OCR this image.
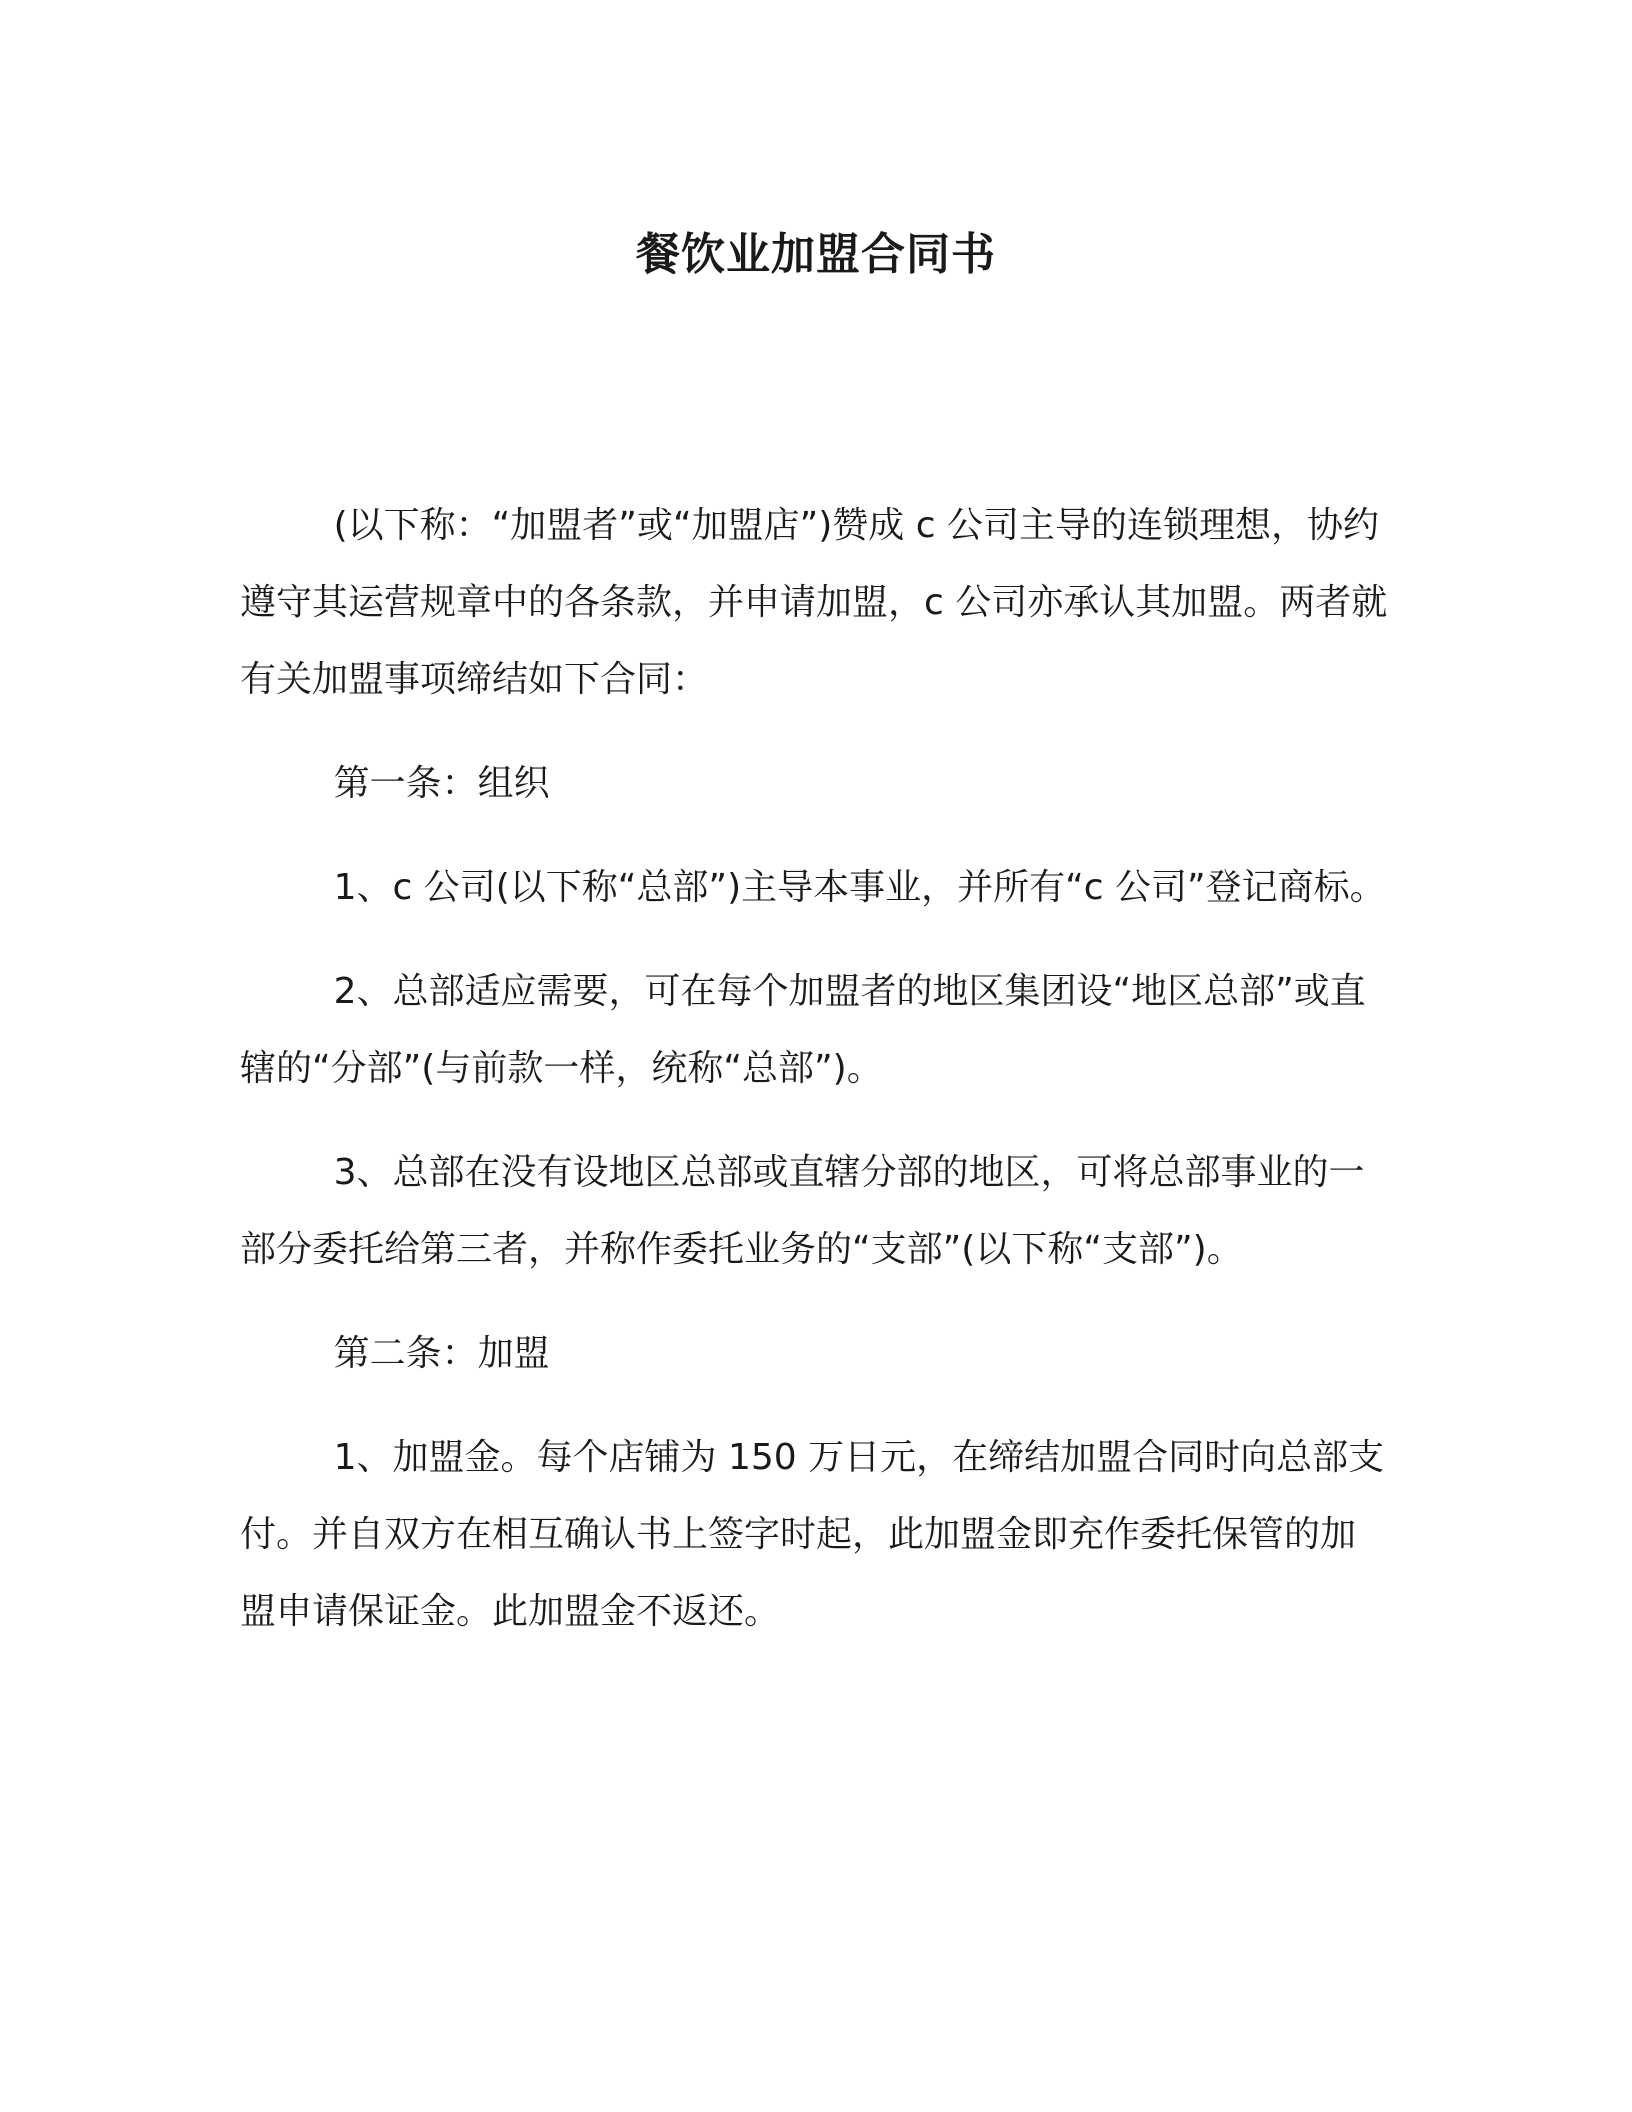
餐饮业加盟合同书

(以下称：“加盟者”或“加盟店”)赞成 c 公司主导的连锁理想，协约遵守其运营规章中的各条款，并申请加盟，c 公司亦承认其加盟。两者就有关加盟事项缔结如下合同：

第一条：组织

1、c 公司(以下称“总部”)主导本事业，并所有“c 公司”登记商标。

2、总部适应需要，可在每个加盟者的地区集团设“地区总部”或直辖的“分部”(与前款一样，统称“总部”)。

3、总部在没有设地区总部或直辖分部的地区，可将总部事业的一部分委托给第三者，并称作委托业务的“支部”(以下称“支部”)。

第二条：加盟

1、加盟金。每个店铺为 150 万日元，在缔结加盟合同时向总部支付。并自双方在相互确认书上签字时起，此加盟金即充作委托保管的加盟申请保证金。此加盟金不返还。
